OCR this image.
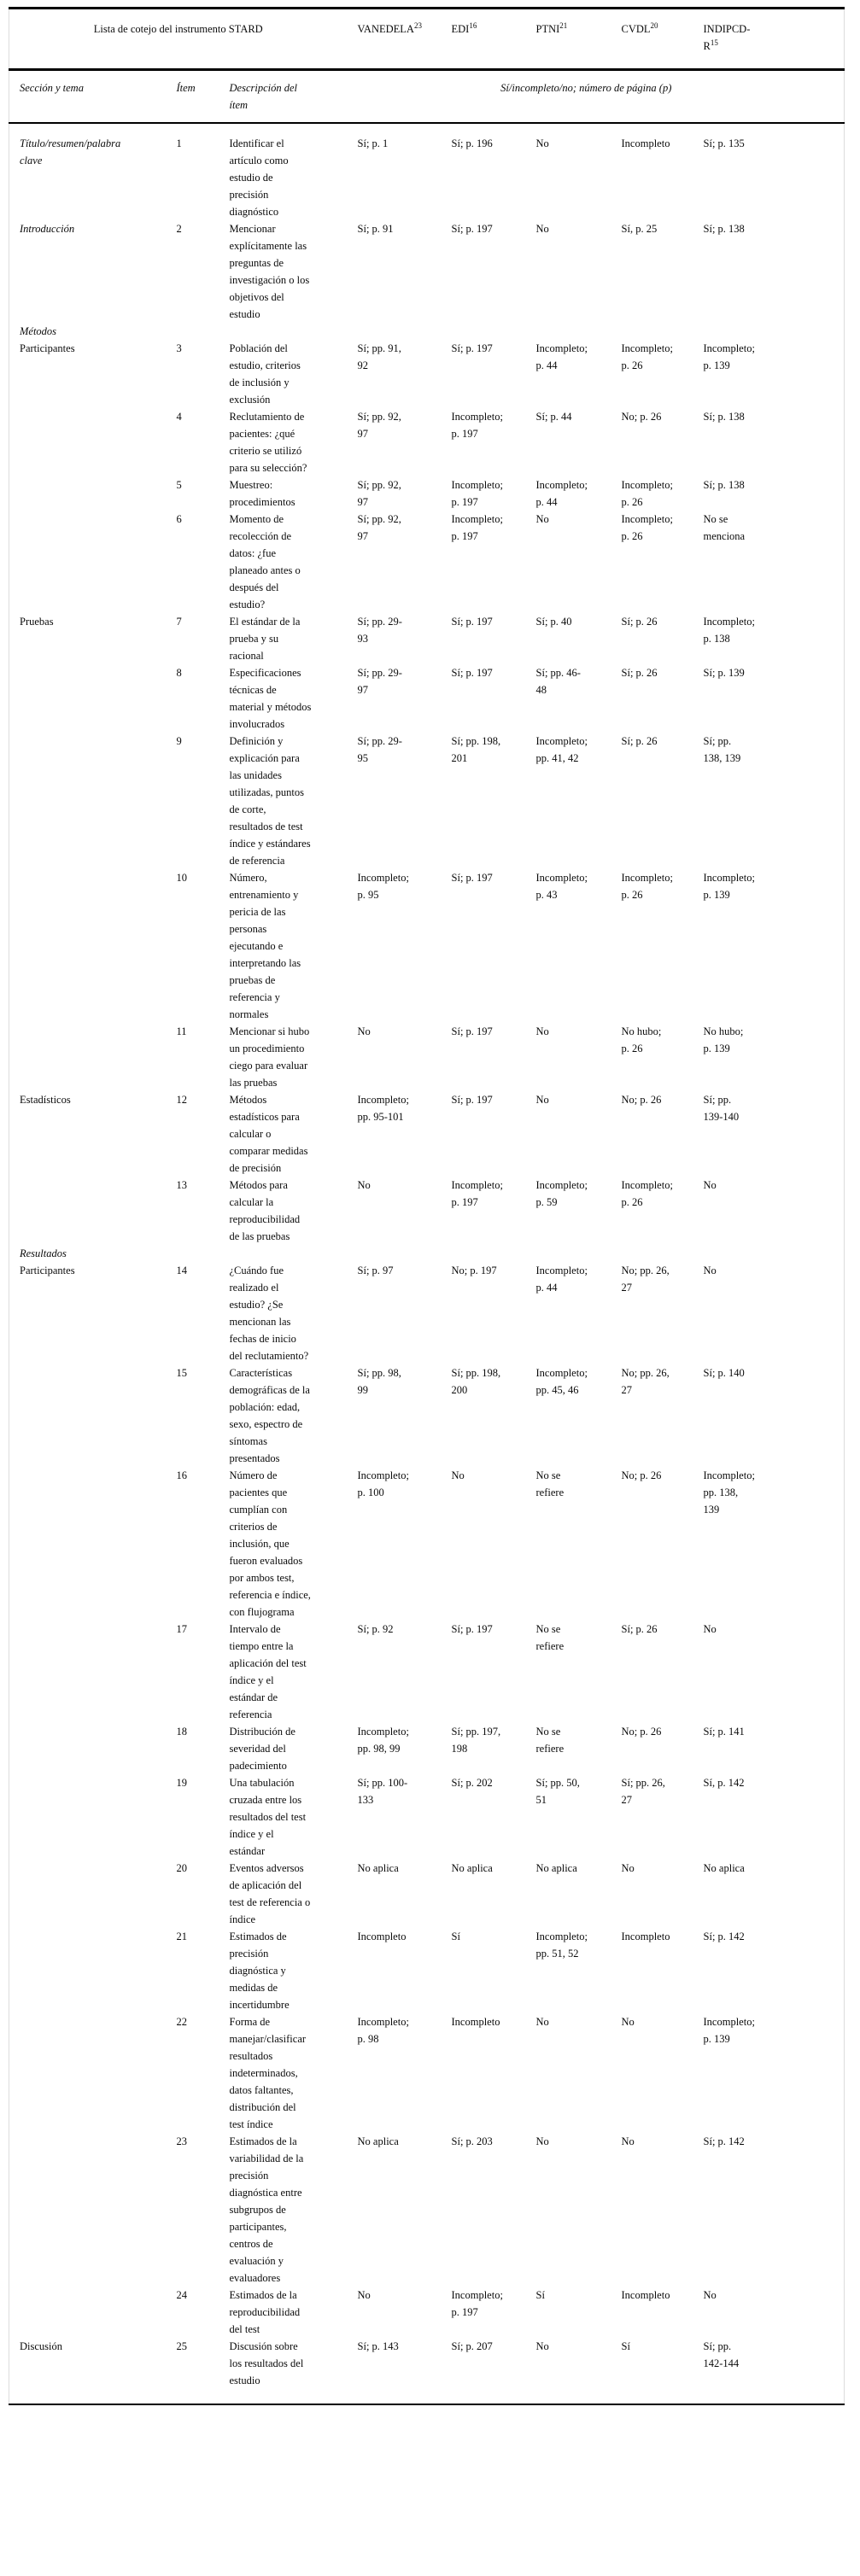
Lista de cotejo del instrumento STARD			VANEDELA$^{23}$	EDI$^{16}$	PTNI$^{21}$	CVDL$^{20}$	INDIPCD-$R^{15}$
Sección y tema	Ítem	Descripción del ítem	Sí/incompleto/no; número de página (p)				
Título/resumen/palabra clave	1	Identificar el artículo como estudio de precisión diagnóstico	Sí; p. 1	Sí; p. 196	No	Incompleto	Sí; p. 135
Introducción	2	Mencionar explícitamente las preguntas de investigación o los objetivos del estudio	Sí; p. 91	Sí; p. 197	No	Sí, p. 25	Sí; p. 138
Métodos							
Participantes	3	Población del estudio, criterios de inclusión y exclusión	Sí; pp. 91, 92	Sí; p. 197	Incompleto; p. 44	Incompleto; p. 26	Incompleto; p. 139
	4	Reclutamiento de pacientes: ¿qué criterio se utilizó para su selección?	Sí; pp. 92, 97	Incompleto; p. 197	Sí; p. 44	No; p. 26	Sí; p. 138
	5	Muestreo: procedimientos	Sí; pp. 92, 97	Incompleto; p. 197	Incompleto; p. 44	Incompleto; p. 26	Sí; p. 138
	6	Momento de recolección de datos: ¿fue planeado antes o después del estudio?	Sí; pp. 92, 97	Incompleto; p. 197	No	Incompleto; p. 26	No se menciona
Pruebas	7	El estándar de la prueba y su racional	Sí; pp. 29-93	Sí; p. 197	Sí; p. 40	Sí; p. 26	Incompleto; p. 138
	8	Especificaciones técnicas de material y métodos involucrados	Sí; pp. 29-97	Sí; p. 197	Sí; pp. 46-48	Sí; p. 26	Sí; p. 139
	9	Definición y explicación para las unidades utilizadas, puntos de corte, resultados de test índice y estándares de referencia	Sí; pp. 29-95	Sí; pp. 198, 201	Incompleto; pp. 41, 42	Sí; p. 26	Sí; pp. 138, 139
	10	Número, entrenamiento y pericia de las personas ejecutando e interpretando las pruebas de referencia y normales	Incompleto; p. 95	Sí; p. 197	Incompleto; p. 43	Incompleto; p. 26	Incompleto; p. 139
	11	Mencionar si hubo un procedimiento ciego para evaluar las pruebas	No	Sí; p. 197	No	No hubo; p. 26	No hubo; p. 139
Estadísticos	12	Métodos estadísticos para calcular o comparar medidas de precisión	Incompleto; pp. 95-101	Sí; p. 197	No	No; p. 26	Sí; pp. 139-140
	13	Métodos para calcular la reproducibilidad de las pruebas	No	Incompleto; p. 197	Incompleto; p. 59	Incompleto; p. 26	No
Resultados							
Participantes	14	¿Cuándo fue realizado el estudio? ¿Se mencionan las fechas de inicio del reclutamiento?	Sí; p. 97	No; p. 197	Incompleto; p. 44	No; pp. 26, 27	No
	15	Características demográficas de la población: edad, sexo, espectro de síntomas presentados	Sí; pp. 98, 99	Sí; pp. 198, 200	Incompleto; pp. 45, 46	No; pp. 26, 27	Sí; p. 140
	16	Número de pacientes que cumplían con criterios de inclusión, que fueron evaluados por ambos test, referencia e índice, con flujograma	Incompleto; p. 100	No	No se refiere	No; p. 26	Incompleto; pp. 138, 139
	17	Intervalo de tiempo entre la aplicación del test índice y el estándar de referencia	Sí; p. 92	Sí; p. 197	No se refiere	Sí; p. 26	No
	18	Distribución de severidad del padecimiento	Incompleto; pp. 98, 99	Sí; pp. 197, 198	No se refiere	No; p. 26	Sí; p. 141
	19	Una tabulación cruzada entre los resultados del test índice y el estándar	Sí; pp. 100-133	Sí; p. 202	Sí; pp. 50, 51	Sí; pp. 26, 27	Sí, p. 142
	20	Eventos adversos de aplicación del test de referencia o índice	No aplica	No aplica	No aplica	No	No aplica
	21	Estimados de precisión diagnóstica y medidas de incertidumbre	Incompleto	Sí	Incompleto; pp. 51, 52	Incompleto	Sí; p. 142
	22	Forma de manejar/clasificar resultados indeterminados, datos faltantes, distribución del test índice	Incompleto; p. 98	Incompleto	No	No	Incompleto; p. 139
	23	Estimados de la variabilidad de la precisión diagnóstica entre subgrupos de participantes, centros de evaluación y evaluadores	No aplica	Sí; p. 203	No	No	Sí; p. 142
	24	Estimados de la reproducibilidad del test	No	Incompleto; p. 197	Sí	Incompleto	No
Discusión	25	Discusión sobre los resultados del estudio	Sí; p. 143	Sí; p. 207	No	Sí	Sí; pp. 142-144
